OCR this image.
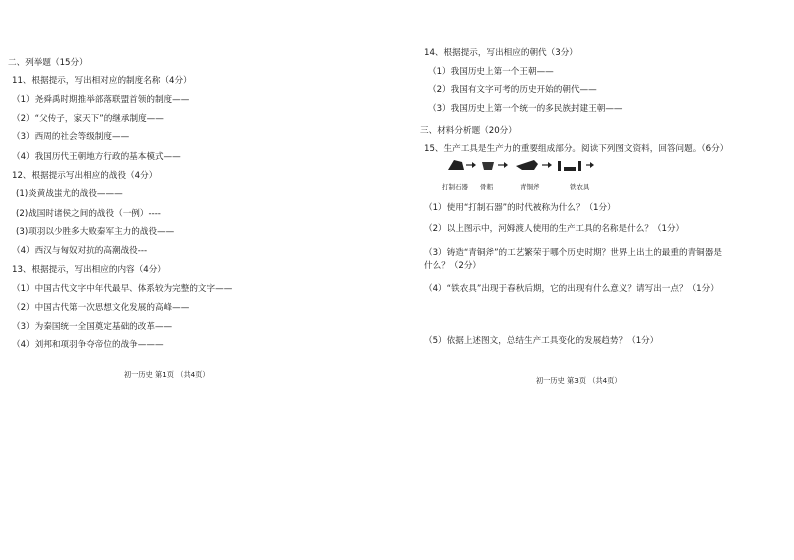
二、列举题（15分）
11、根据提示，写出相对应的制度名称（4分）
（1）尧舜禹时期推举部落联盟首领的制度——
（2）“父传子，家天下”的继承制度——
（3）西周的社会等级制度——
（4）我国历代王朝地方行政的基本模式——
12、根据提示写出相应的战役（4分）
(1)炎黄战蚩尤的战役———
(2)战国时诸侯之间的战役（一例）----
(3)项羽以少胜多大败秦军主力的战役——
（4）西汉与匈奴对抗的高潮战役---
13、根据提示，写出相应的内容（4分）
（1）中国古代文字中年代最早、体系较为完整的文字——
（2）中国古代第一次思想文化发展的高峰——
（3）为秦国统一全国奠定基础的改革——
（4）刘邦和项羽争夺帝位的战争———
初一历史 第1页 （共4页）
14、根据提示，写出相应的朝代（3分）
（1）我国历史上第一个王朝——
（2）我国有文字可考的历史开始的朝代——
（3）我国历史上第一个统一的多民族封建王朝——
三、材料分析题（20分）
15、生产工具是生产力的重要组成部分。阅读下列图文资料，回答问题。（6分）
打制石器 骨耜	青铜斧	铁农具
（1）使用“打制石器”的时代被称为什么？（1分）
（2）以上图示中，河姆渡人使用的生产工具的名称是什么？（1分）
（3）铸造“青铜斧”的工艺繁荣于哪个历史时期？世界上出土的最重的青铜器是
什么？（2分）
（4）“铁农具”出现于春秋后期，它的出现有什么意义？请写出一点？（1分）
（5）依据上述图文，总结生产工具变化的发展趋势？（1分）
初一历史 第3页 （共4页）
